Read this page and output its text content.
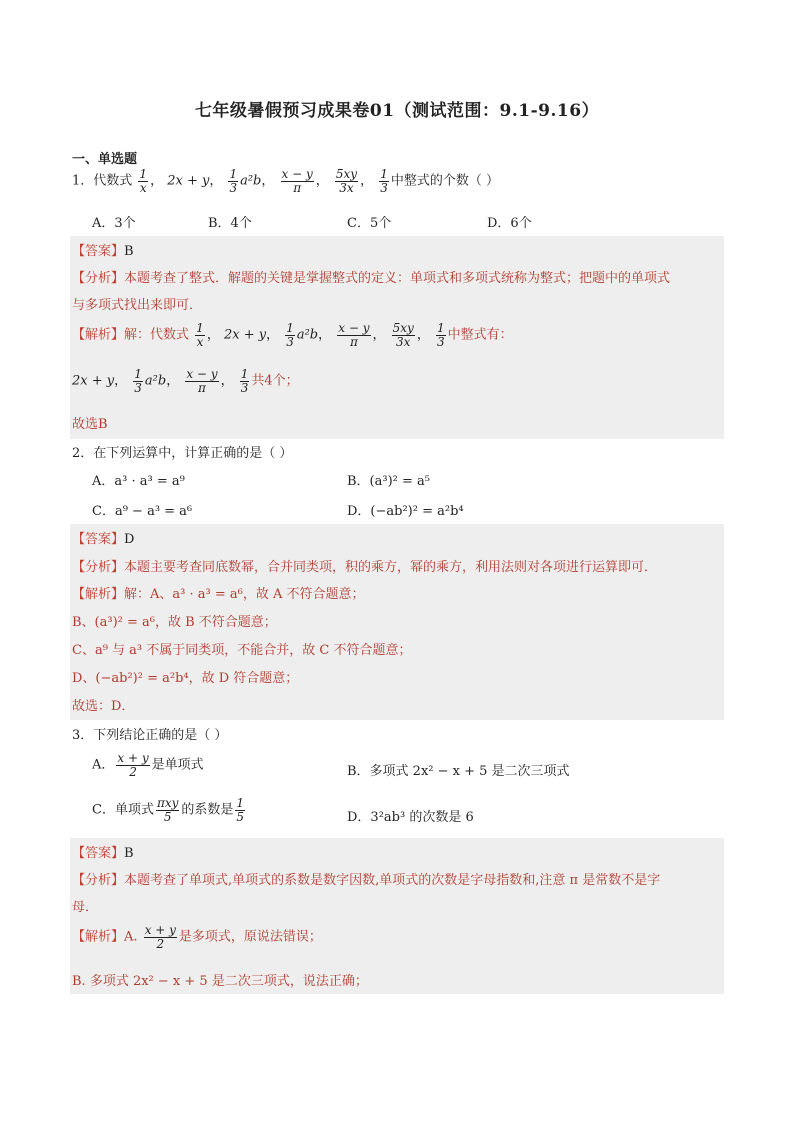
七年级暑假预习成果卷01（测试范围：9.1-9.16）
一、单选题
1．代数式 $\frac{1}{x}$ ， 2x + y， $\frac{1}{3} a^2b$， $\frac{x - y}{\pi}$ ， $\frac{5xy}{3x}$ ， $\frac{1}{3}$ 中整式的个数（ ）
A．3个	B．4个	C．5个	D．6个
【答案】B
【分析】本题考查了整式．解题的关键是掌握整式的定义：单项式和多项式统称为整式；把题中的单项式
与多项式找出来即可．
【解析】解：代数式 $\frac{1}{x}$ ， 2x + y， $\frac{1}{3} a^2b$， $\frac{x - y}{\pi}$ ， $\frac{5xy}{3x}$ ， $\frac{1}{3}$ 中整式有：
2x + y， $\frac{1}{3} a^2b$， $\frac{x - y}{\pi}$ ， $\frac{1}{3}$ 共4个；
故选B
2．在下列运算中，计算正确的是（ ）
A．a³ · a³ = a⁹	B．(a³)² = a⁵
C．a⁹ − a³ = a⁶	D．(−ab²)² = a²b⁴
【答案】D
【分析】本题主要考查同底数幂，合并同类项，积的乘方，幂的乘方，利用法则对各项进行运算即可．
【解析】解：A、a³ · a³ = a⁶，故 A 不符合题意；
B、(a³)² = a⁶，故 B 不符合题意；
C、a⁹ 与 a³ 不属于同类项，不能合并，故 C 不符合题意；
D、(−ab²)² = a²b⁴，故 D 符合题意；
故选：D．
3．下列结论正确的是（ ）
A． $\frac{x + y}{2}$ 是单项式	B．多项式 2x² − x + 5 是二次三项式
C．单项式 $\frac{\text{πxy}}{5}$ 的系数是 $\frac{1}{5}$	D．3²ab³ 的次数是 6
【答案】B
【分析】本题考查了单项式,单项式的系数是数字因数,单项式的次数是字母指数和,注意 π 是常数不是字
母．
【解析】A. $\frac{x + y}{2}$ 是多项式，原说法错误；
B. 多项式 2x² − x + 5 是二次三项式，说法正确；
